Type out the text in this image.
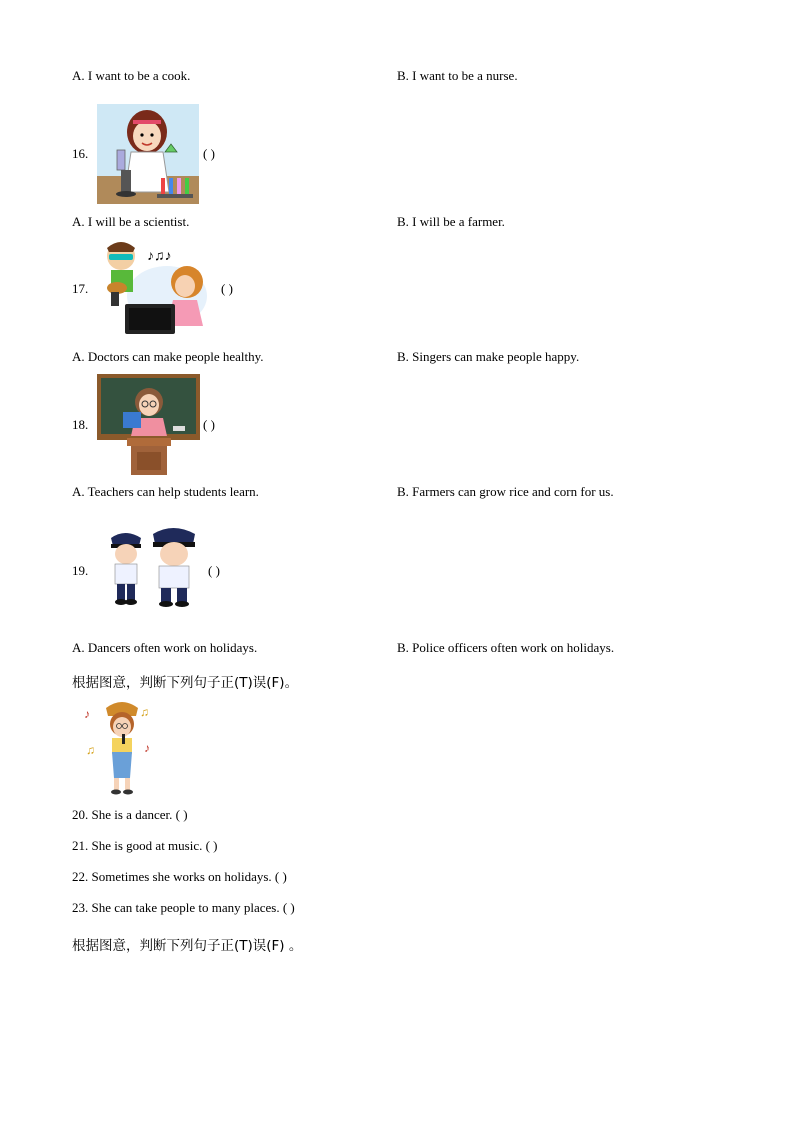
A. I want to be a cook.	B. I want to be a nurse.
16.	( )
A. I will be a scientist.	B. I will be a farmer.
17.
♪♫♪
( )
A. Doctors can make people healthy.	B. Singers can make people happy.
18.	( )
A. Teachers can help students learn.	B. Farmers can grow rice and corn for us.
19.	( )
A. Dancers often work on holidays.	B. Police officers often work on holidays.
根据图意，判断下列句子正(T)误(F)。
♪	♫
♫	♪
20. She is a dancer. ( )
21. She is good at music. ( )
22. Sometimes she works on holidays. ( )
23. She can take people to many places. ( )
根据图意，判断下列句子正(T)误(F) 。
